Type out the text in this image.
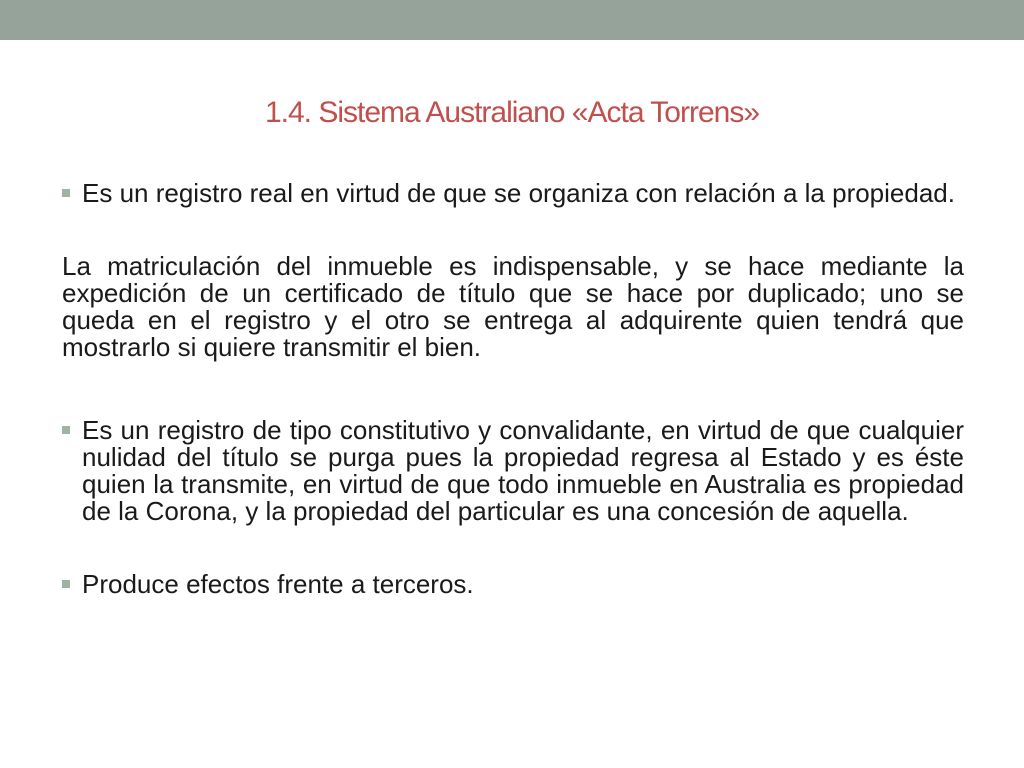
1.4. Sistema Australiano «Acta Torrens»

Es un registro real en virtud de que se organiza con relación a la propiedad.

La matriculación del inmueble es indispensable, y se hace mediante la expedición de un certificado de título que se hace por duplicado; uno se queda en el registro y el otro se entrega al adquirente quien tendrá que mostrarlo si quiere transmitir el bien.

Es un registro de tipo constitutivo y convalidante, en virtud de que cualquier nulidad del título se purga pues la propiedad regresa al Estado y es éste quien la transmite, en virtud de que todo inmueble en Australia es propiedad de la Corona, y la propiedad del particular es una concesión de aquella.

Produce efectos frente a terceros.
